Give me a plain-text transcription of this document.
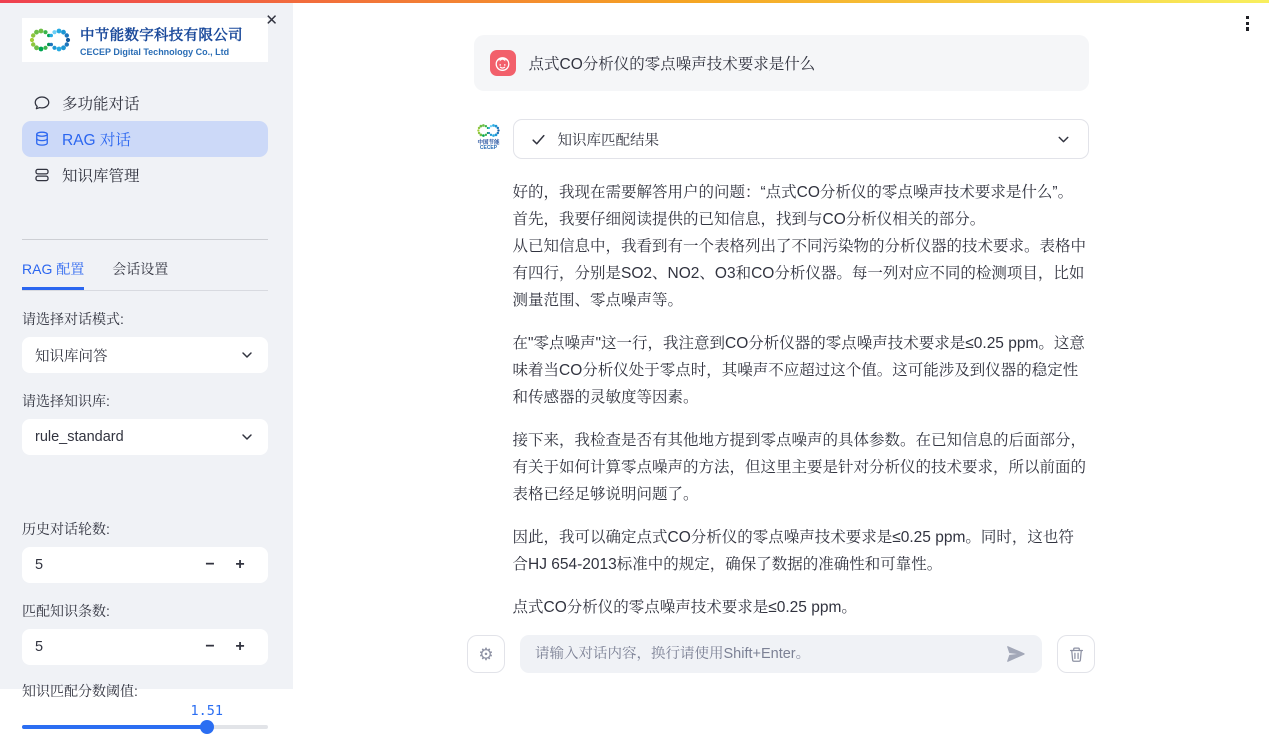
✕
中节能数字科技有限公司
CECEP Digital Technology Co., Ltd
多功能对话
RAG 对话
知识库管理
RAG 配置 会话设置
请选择对话模式:
知识库问答
请选择知识库:
rule_standard
历史对话轮数:
5	−	+
匹配知识条数:
5	−	+
知识匹配分数阈值:
1.51
点式CO分析仪的零点噪声技术要求是什么
中国节能
CECEP	知识库匹配结果

好的，我现在需要解答用户的问题：“点式CO分析仪的零点噪声技术要求是什么”。首先，我要仔细阅读提供的已知信息，找到与CO分析仪相关的部分。
从已知信息中，我看到有一个表格列出了不同污染物的分析仪器的技术要求。表格中有四行，分别是SO2、NO2、O3和CO分析仪器。每一列对应不同的检测项目，比如测量范围、零点噪声等。

在"零点噪声"这一行，我注意到CO分析仪器的零点噪声技术要求是≤0.25 ppm。这意味着当CO分析仪处于零点时，其噪声不应超过这个值。这可能涉及到仪器的稳定性和传感器的灵敏度等因素。

接下来，我检查是否有其他地方提到零点噪声的具体参数。在已知信息的后面部分，有关于如何计算零点噪声的方法，但这里主要是针对分析仪的技术要求，所以前面的表格已经足够说明问题了。

因此，我可以确定点式CO分析仪的零点噪声技术要求是≤0.25 ppm。同时，这也符合HJ 654-2013标准中的规定，确保了数据的准确性和可靠性。

点式CO分析仪的零点噪声技术要求是≤0.25 ppm。

⚙
请输入对话内容，换行请使用Shift+Enter。
